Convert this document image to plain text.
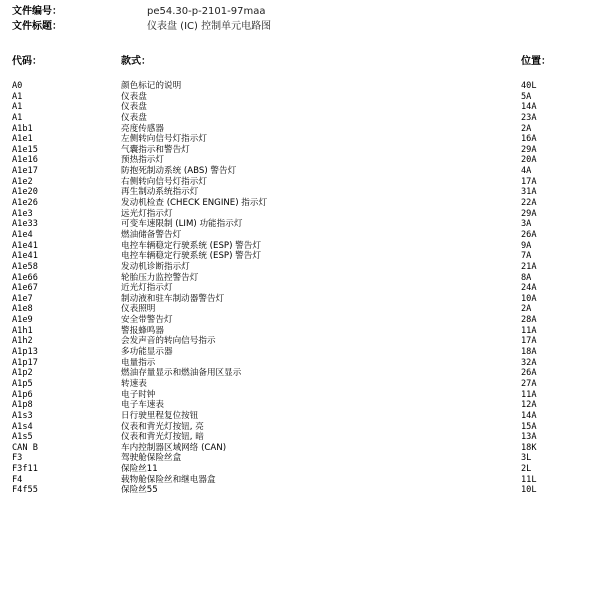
文件编号：	pe54.30-p-2101-97maa
文件标题：	仪表盘 (IC) 控制单元电路图
代码：	款式：	位置：
A0	颜色标记的说明	40L
A1	仪表盘	5A
A1	仪表盘	14A
A1	仪表盘	23A
A1b1	亮度传感器	2A
A1e1	左侧转向信号灯指示灯	16A
A1e15	气囊指示和警告灯	29A
A1e16	预热指示灯	20A
A1e17	防抱死制动系统 (ABS) 警告灯	4A
A1e2	右侧转向信号灯指示灯	17A
A1e20	再生制动系统指示灯	31A
A1e26	发动机检查 (CHECK ENGINE) 指示灯	22A
A1e3	远光灯指示灯	29A
A1e33	可变车速限制 (LIM) 功能指示灯	3A
A1e4	燃油储备警告灯	26A
A1e41	电控车辆稳定行驶系统 (ESP) 警告灯	9A
A1e41	电控车辆稳定行驶系统 (ESP) 警告灯	7A
A1e58	发动机诊断指示灯	21A
A1e66	轮胎压力监控警告灯	8A
A1e67	近光灯指示灯	24A
A1e7	制动液和驻车制动器警告灯	10A
A1e8	仪表照明	2A
A1e9	安全带警告灯	28A
A1h1	警报蜂鸣器	11A
A1h2	会发声音的转向信号指示	17A
A1p13	多功能显示器	18A
A1p17	电量指示	32A
A1p2	燃油存量显示和燃油备用区显示	26A
A1p5	转速表	27A
A1p6	电子时钟	11A
A1p8	电子车速表	12A
A1s3	日行驶里程复位按钮	14A
A1s4	仪表和背光灯按钮, 亮	15A
A1s5	仪表和背光灯按钮, 暗	13A
CAN B	车内控制器区域网络 (CAN)	18K
F3	驾驶舱保险丝盒	3L
F3f11	保险丝11	2L
F4	载物舱保险丝和继电器盒	11L
F4f55	保险丝55	10L
